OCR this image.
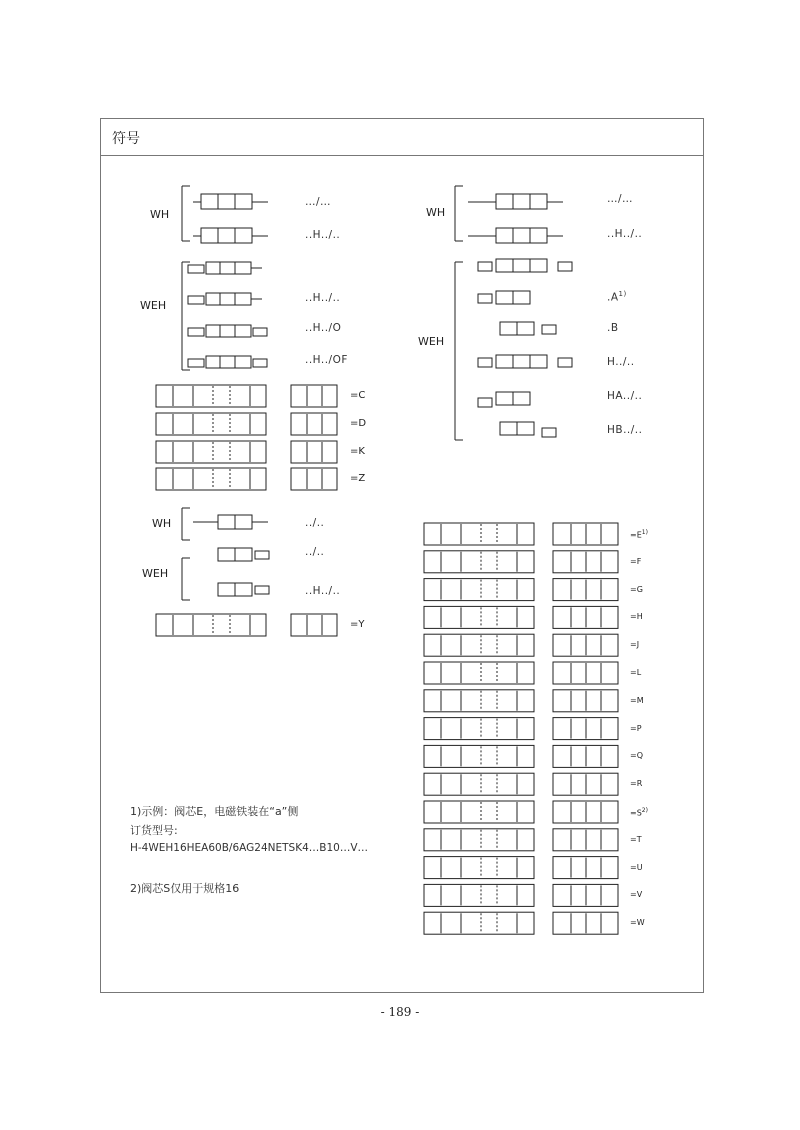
符号
WH
WEH
…/…
..H../..
..H../..
..H../O
..H../OF
=C
=D
=K
=Z
WH
WEH
…/…
..H../..
$.A^{1)}$
.B
H../..
HA../..
HB../..
WH
WEH
../..
../..
..H../..
=Y
$=E^{1)}$
=F
=G
=H
=J
=L
=M
=P
=Q
=R
$=S^{2)}$
=T
=U
=V
=W
1)示例：阀芯E，电磁铁装在“a”侧
订货型号:
H-4WEH16HEA60B/6AG24NETSK4…B10…V…
2)阀芯S仅用于规格16
- 189 -
